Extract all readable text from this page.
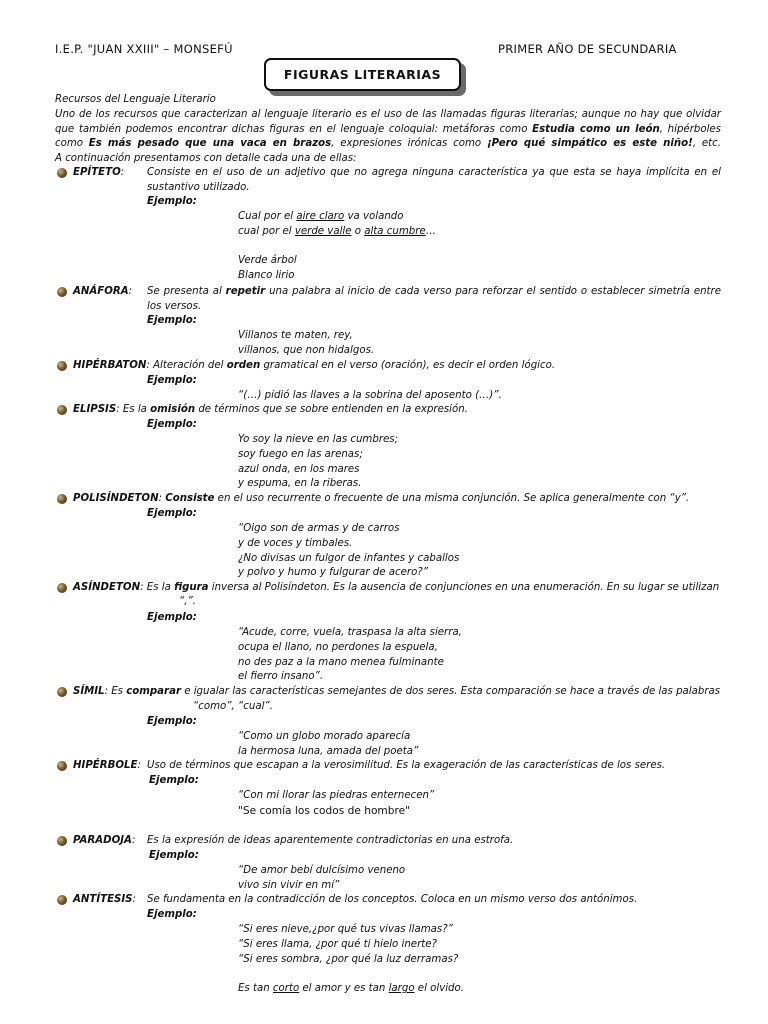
I.E.P. "JUAN XXIII" – MONSEFÚ	PRIMER AÑO DE SECUNDARIA
FIGURAS LITERARIAS
Recursos del Lenguaje Literario
Uno de los recursos que caracterizan al lenguaje literario es el uso de las llamadas figuras literarias; aunque no hay que olvidar
que también podemos encontrar dichas figuras en el lenguaje coloquial: metáforas como Estudia como un león, hipérboles
como Es más pesado que una vaca en brazos, expresiones irónicas como ¡Pero qué simpático es este niño!, etc.
A continuación presentamos con detalle cada una de ellas:
EPÍTETO: Consiste en el uso de un adjetivo que no agrega ninguna característica ya que esta se haya implícita en el sustantivo utilizado.
Ejemplo:
Cual por el aire claro va volando
cual por el verde valle o alta cumbre…
Verde árbol
Blanco lirio
ANÁFORA: Se presenta al repetir una palabra al inicio de cada verso para reforzar el sentido o establecer simetría entre los versos.
Ejemplo:
Villanos te maten, rey,
villanos, que non hidalgos.
HIPÉRBATON: Alteración del orden gramatical en el verso (oración), es decir el orden lógico.
Ejemplo:
“(…) pidió las llaves a la sobrina del aposento (…)”.
ELIPSIS: Es la omisión de términos que se sobre entienden en la expresión.
Ejemplo:
Yo soy la nieve en las cumbres;
soy fuego en las arenas;
azul onda, en los mares
y espuma, en la riberas.
POLISÍNDETON: Consiste en el uso recurrente o frecuente de una misma conjunción. Se aplica generalmente con “y”.
Ejemplo:
“Oigo son de armas y de carros
y de voces y timbales.
¿No divisas un fulgor de infantes y caballos
y polvo y humo y fulgurar de acero?”
ASÍNDETON: Es la figura inversa al Polisíndeton. Es la ausencia de conjunciones en una enumeración. En su lugar se utilizan
“,”.
Ejemplo:
“Acude, corre, vuela, traspasa la alta sierra,
ocupa el llano, no perdones la espuela,
no des paz a la mano menea fulminante
el fierro insano”.
SÍMIL: Es comparar e igualar las características semejantes de dos seres. Esta comparación se hace a través de las palabras
“como”, “cual”.
Ejemplo:
“Como un globo morado aparecía
la hermosa luna, amada del poeta”
HIPÉRBOLE: Uso de términos que escapan a la verosimilitud. Es la exageración de las características de los seres.
Ejemplo:
“Con mi llorar las piedras enternecen”
"Se comía los codos de hombre"
PARADOJA: Es la expresión de ideas aparentemente contradictorias en una estrofa.
Ejemplo:
“De amor bebí dulcísimo veneno
vivo sin vivir en mí”
ANTÍTESIS: Se fundamenta en la contradicción de los conceptos. Coloca en un mismo verso dos antónimos.
Ejemplo:
“Si eres nieve,¿por qué tus vivas llamas?”
“Si eres llama, ¿por qué ti hielo inerte?
“Si eres sombra, ¿por qué la luz derramas?
Es tan corto el amor y es tan largo el olvido.
